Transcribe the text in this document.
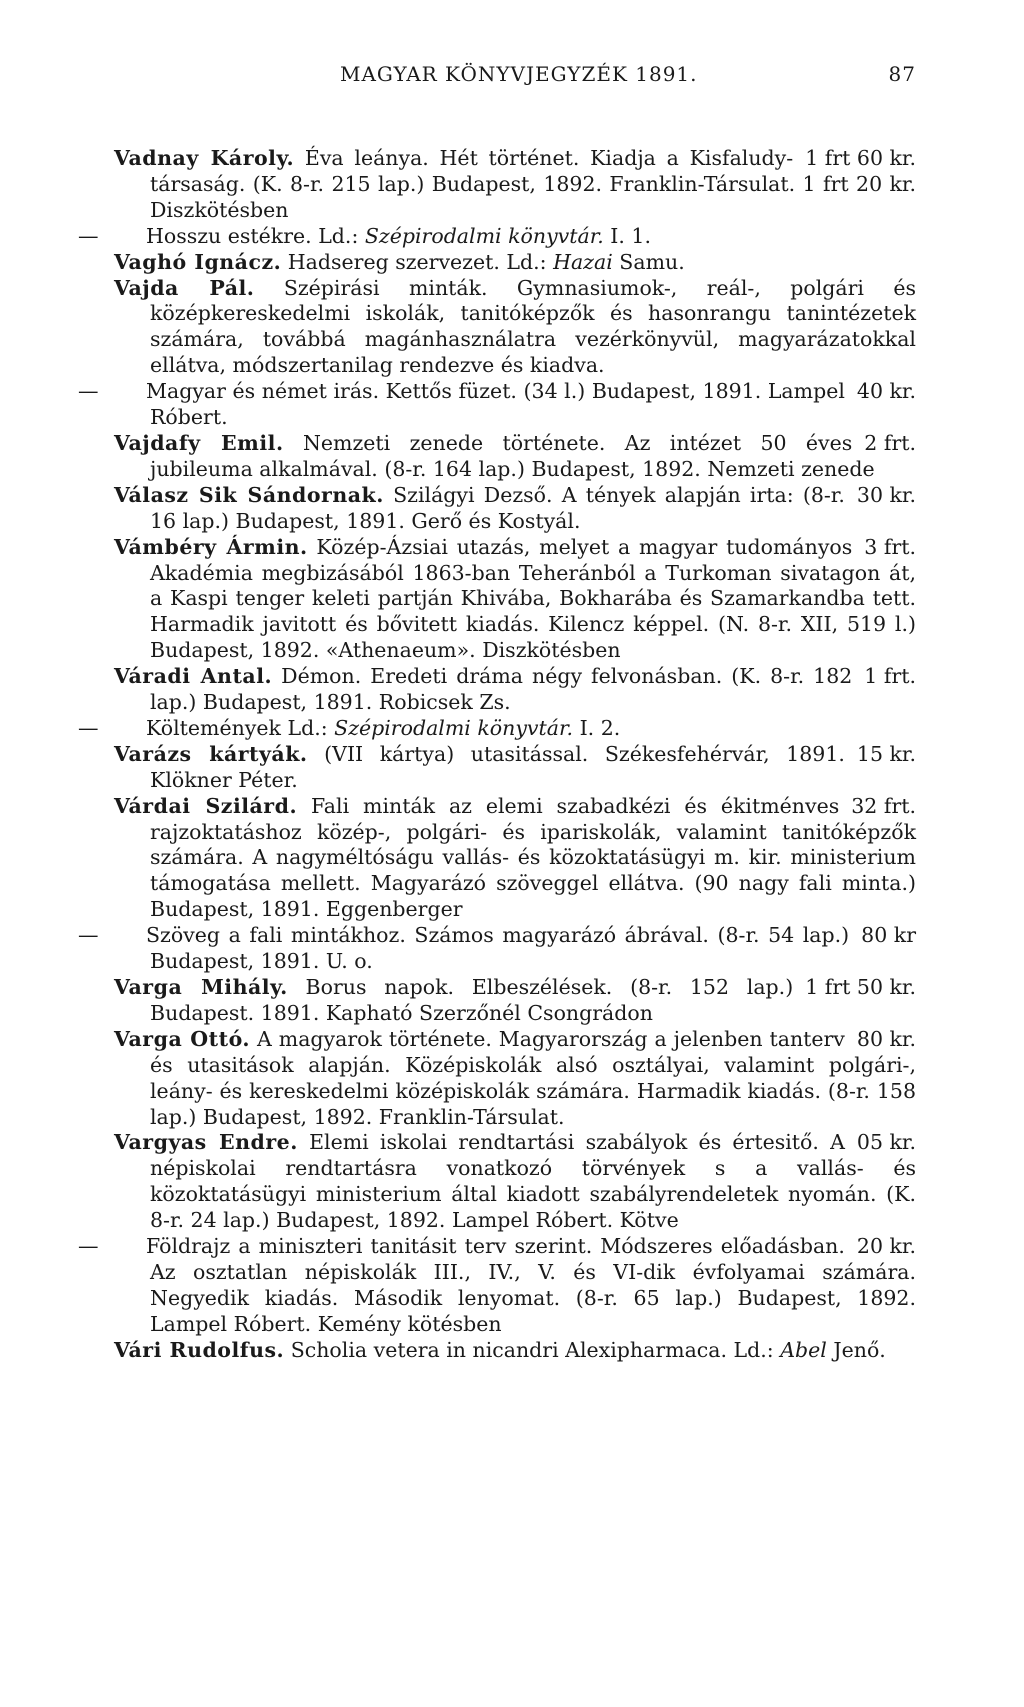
MAGYAR KÖNYVJEGYZÉK 1891.	87

1 frt 60 kr.
Vadnay Károly. Éva leánya. Hét történet. Kiadja a Kisfaludy-társaság. (K. 8-r. 215 lap.) Budapest, 1892. Franklin-Társulat. 1 frt 20 kr. Diszkötésben

— Hosszu estékre. Ld.: Szépirodalmi könyvtár. I. 1.

Vaghó Ignácz. Hadsereg szervezet. Ld.: Hazai Samu.

Vajda Pál. Szépirási minták. Gymnasiumok-, reál-, polgári és középkereskedelmi iskolák, tanitóképzők és hasonrangu tanintézetek számára, továbbá magánhasználatra vezérkönyvül, magyarázatokkal ellátva, módszertanilag rendezve és kiadva.

40 kr.
— Magyar és német irás. Kettős füzet. (34 l.) Budapest, 1891. Lampel Róbert.

2 frt.
Vajdafy Emil. Nemzeti zenede története. Az intézet 50 éves jubileuma alkalmával. (8-r. 164 lap.) Budapest, 1892. Nemzeti zenede

30 kr.
Válasz Sik Sándornak. Szilágyi Dezső. A tények alapján irta: (8-r. 16 lap.) Budapest, 1891. Gerő és Kostyál.

3 frt.
Vámbéry Ármin. Közép-Ázsiai utazás, melyet a magyar tudományos Akadémia megbizásából 1863-ban Teheránból a Turkoman sivatagon át, a Kaspi tenger keleti partján Khivába, Bokharába és Szamarkandba tett. Harmadik javitott és bővitett kiadás. Kilencz képpel. (N. 8-r. XII, 519 l.) Budapest, 1892. «Athenaeum». Diszkötésben

1 frt.
Váradi Antal. Démon. Eredeti dráma négy felvonásban. (K. 8-r. 182 lap.) Budapest, 1891. Robicsek Zs.

— Költemények Ld.: Szépirodalmi könyvtár. I. 2.

15 kr.
Varázs kártyák. (VII kártya) utasitással. Székesfehérvár, 1891. Klökner Péter.

32 frt.
Várdai Szilárd. Fali minták az elemi szabadkézi és ékitménves rajzoktatáshoz közép-, polgári- és ipariskolák, valamint tanitóképzők számára. A nagyméltóságu vallás- és közoktatásügyi m. kir. ministerium támogatása mellett. Magyarázó szöveggel ellátva. (90 nagy fali minta.) Budapest, 1891. Eggenberger

80 kr
— Szöveg a fali mintákhoz. Számos magyarázó ábrával. (8-r. 54 lap.) Budapest, 1891. U. o.

1 frt 50 kr.
Varga Mihály. Borus napok. Elbeszélések. (8-r. 152 lap.) Budapest. 1891. Kapható Szerzőnél Csongrádon

80 kr.
Varga Ottó. A magyarok története. Magyarország a jelenben tanterv és utasitások alapján. Középiskolák alsó osztályai, valamint polgári-, leány- és kereskedelmi középiskolák számára. Harmadik kiadás. (8-r. 158 lap.) Budapest, 1892. Franklin-Társulat.

05 kr.
Vargyas Endre. Elemi iskolai rendtartási szabályok és értesitő. A népiskolai rendtartásra vonatkozó törvények s a vallás- és közoktatásügyi ministerium által kiadott szabályrendeletek nyomán. (K. 8-r. 24 lap.) Budapest, 1892. Lampel Róbert. Kötve

20 kr.
— Földrajz a miniszteri tanitásit terv szerint. Módszeres előadásban. Az osztatlan népiskolák III., IV., V. és VI-dik évfolyamai számára. Negyedik kiadás. Második lenyomat. (8-r. 65 lap.) Budapest, 1892. Lampel Róbert. Kemény kötésben

Vári Rudolfus. Scholia vetera in nicandri Alexipharmaca. Ld.: Abel Jenő.
